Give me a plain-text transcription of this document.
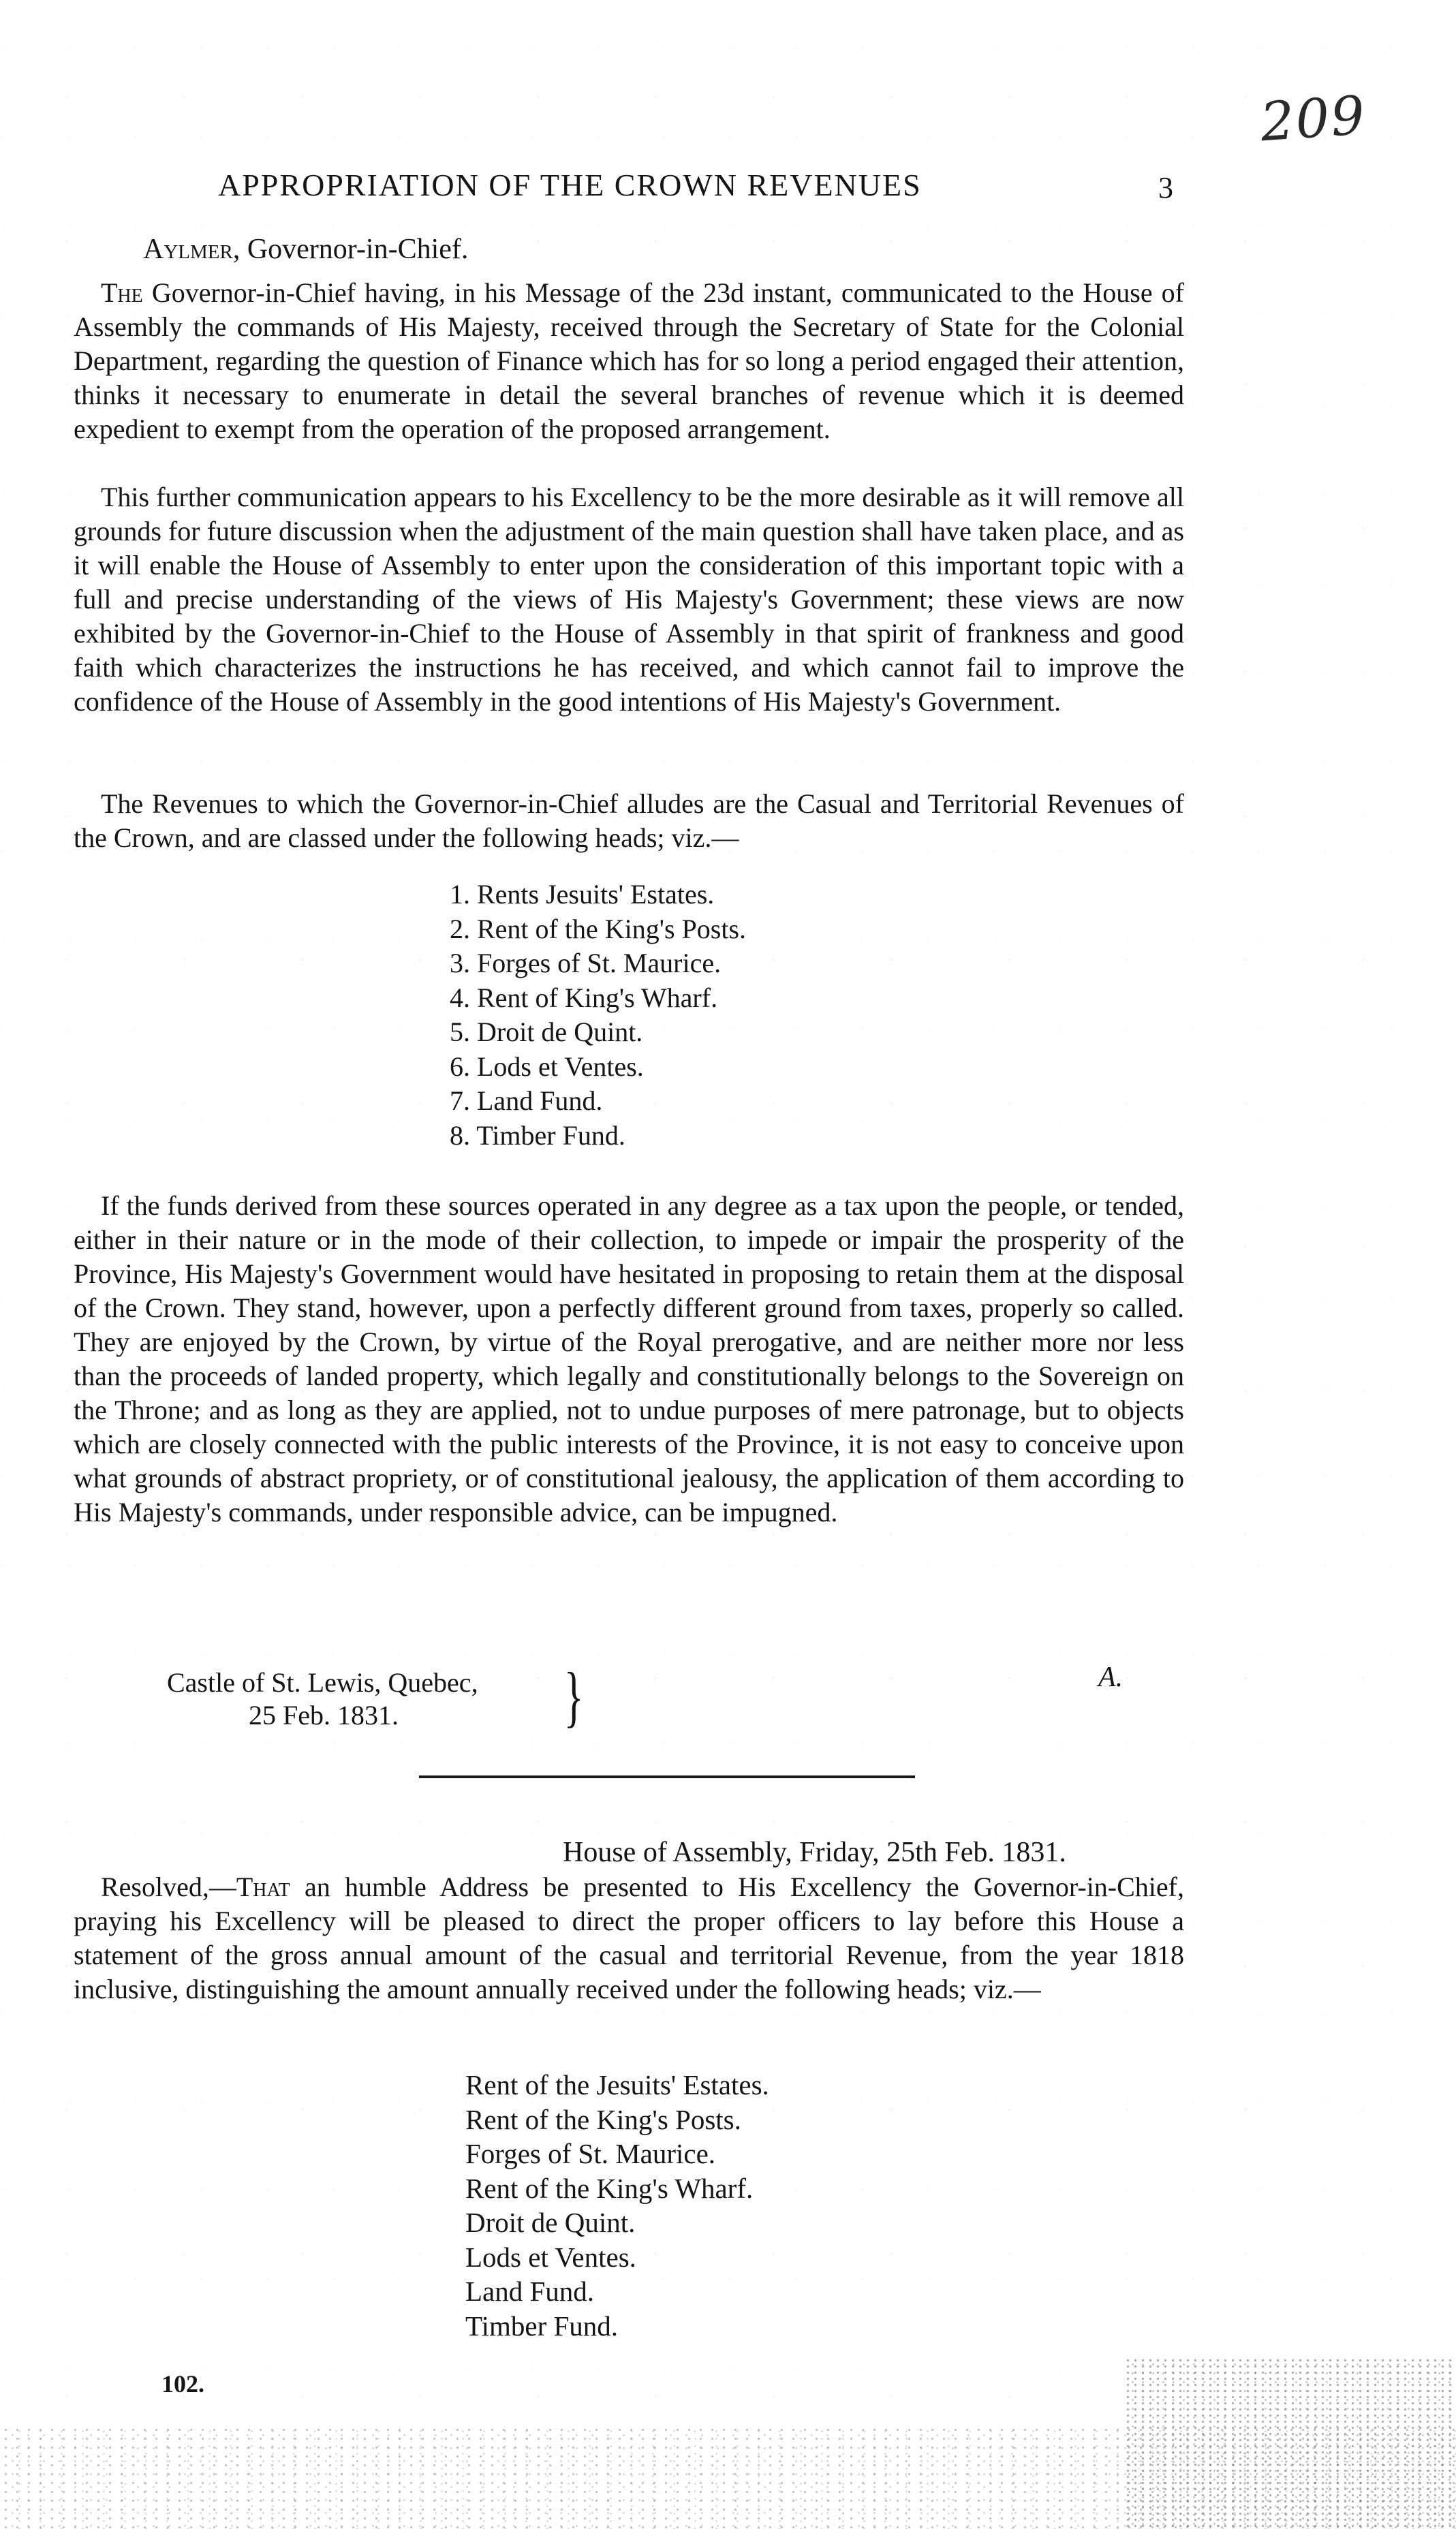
209
APPROPRIATION OF THE CROWN REVENUES	3
Aylmer, Governor-in-Chief.

The Governor-in-Chief having, in his Message of the 23d instant, communicated to the House of Assembly the commands of His Majesty, received through the Secretary of State for the Colonial Department, regarding the question of Finance which has for so long a period engaged their attention, thinks it necessary to enumerate in detail the several branches of revenue which it is deemed expedient to exempt from the operation of the proposed arrangement.

This further communication appears to his Excellency to be the more desirable as it will remove all grounds for future discussion when the adjustment of the main question shall have taken place, and as it will enable the House of Assembly to enter upon the consideration of this important topic with a full and precise understanding of the views of His Majesty's Government; these views are now exhibited by the Governor-in-Chief to the House of Assembly in that spirit of frankness and good faith which characterizes the instructions he has received, and which cannot fail to improve the confidence of the House of Assembly in the good intentions of His Majesty's Government.

The Revenues to which the Governor-in-Chief alludes are the Casual and Territorial Revenues of the Crown, and are classed under the following heads; viz.—

1. Rents Jesuits' Estates.
2. Rent of the King's Posts.
3. Forges of St. Maurice.
4. Rent of King's Wharf.
5. Droit de Quint.
6. Lods et Ventes.
7. Land Fund.
8. Timber Fund.

If the funds derived from these sources operated in any degree as a tax upon the people, or tended, either in their nature or in the mode of their collection, to impede or impair the prosperity of the Province, His Majesty's Government would have hesitated in proposing to retain them at the disposal of the Crown. They stand, however, upon a perfectly different ground from taxes, properly so called. They are enjoyed by the Crown, by virtue of the Royal prerogative, and are neither more nor less than the proceeds of landed property, which legally and constitutionally belongs to the Sovereign on the Throne; and as long as they are applied, not to undue purposes of mere patronage, but to objects which are closely connected with the public interests of the Province, it is not easy to conceive upon what grounds of abstract propriety, or of constitutional jealousy, the application of them according to His Majesty's commands, under responsible advice, can be impugned.

Castle of St. Lewis, Quebec,
25 Feb. 1831.	}	A.
House of Assembly, Friday, 25th Feb. 1831.

Resolved,—That an humble Address be presented to His Excellency the Governor-in-Chief, praying his Excellency will be pleased to direct the proper officers to lay before this House a statement of the gross annual amount of the casual and territorial Revenue, from the year 1818 inclusive, distinguishing the amount annually received under the following heads; viz.—

Rent of the Jesuits' Estates.
Rent of the King's Posts.
Forges of St. Maurice.
Rent of the King's Wharf.
Droit de Quint.
Lods et Ventes.
Land Fund.
Timber Fund.
102.
